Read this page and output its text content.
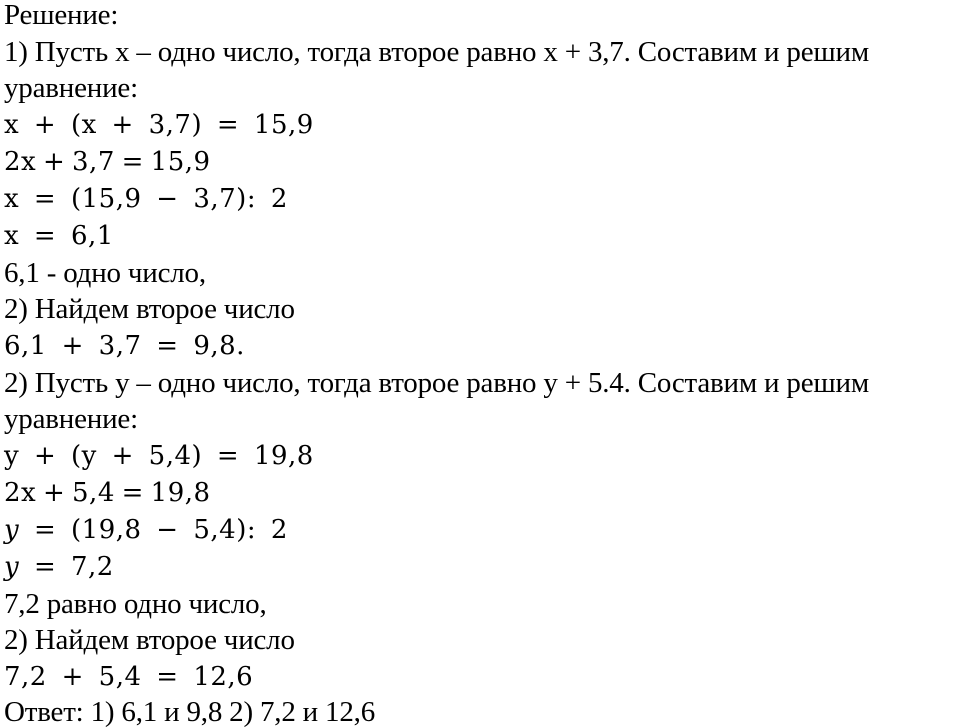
Решение:
1) Пусть x – одно число, тогда второе равно x + 3,7. Составим и решим
уравнение:
x + (x + 3,7) = 15,9
2x + 3,7 = 15,9
x = (15,9 − 3,7): 2
x = 6,1
6,1 - одно число,
2) Найдем второе число
6,1 + 3,7 = 9,8.
2) Пусть y – одно число, тогда второе равно y + 5.4. Составим и решим
уравнение:
y + (y + 5,4) = 19,8
2x + 5,4 = 19,8
𝑦 = (19,8 − 5,4): 2
𝑦 = 7,2
7,2 равно одно число,
2) Найдем второе число
7,2 + 5,4 = 12,6
Ответ: 1) 6,1 и 9,8 2) 7,2 и 12,6
